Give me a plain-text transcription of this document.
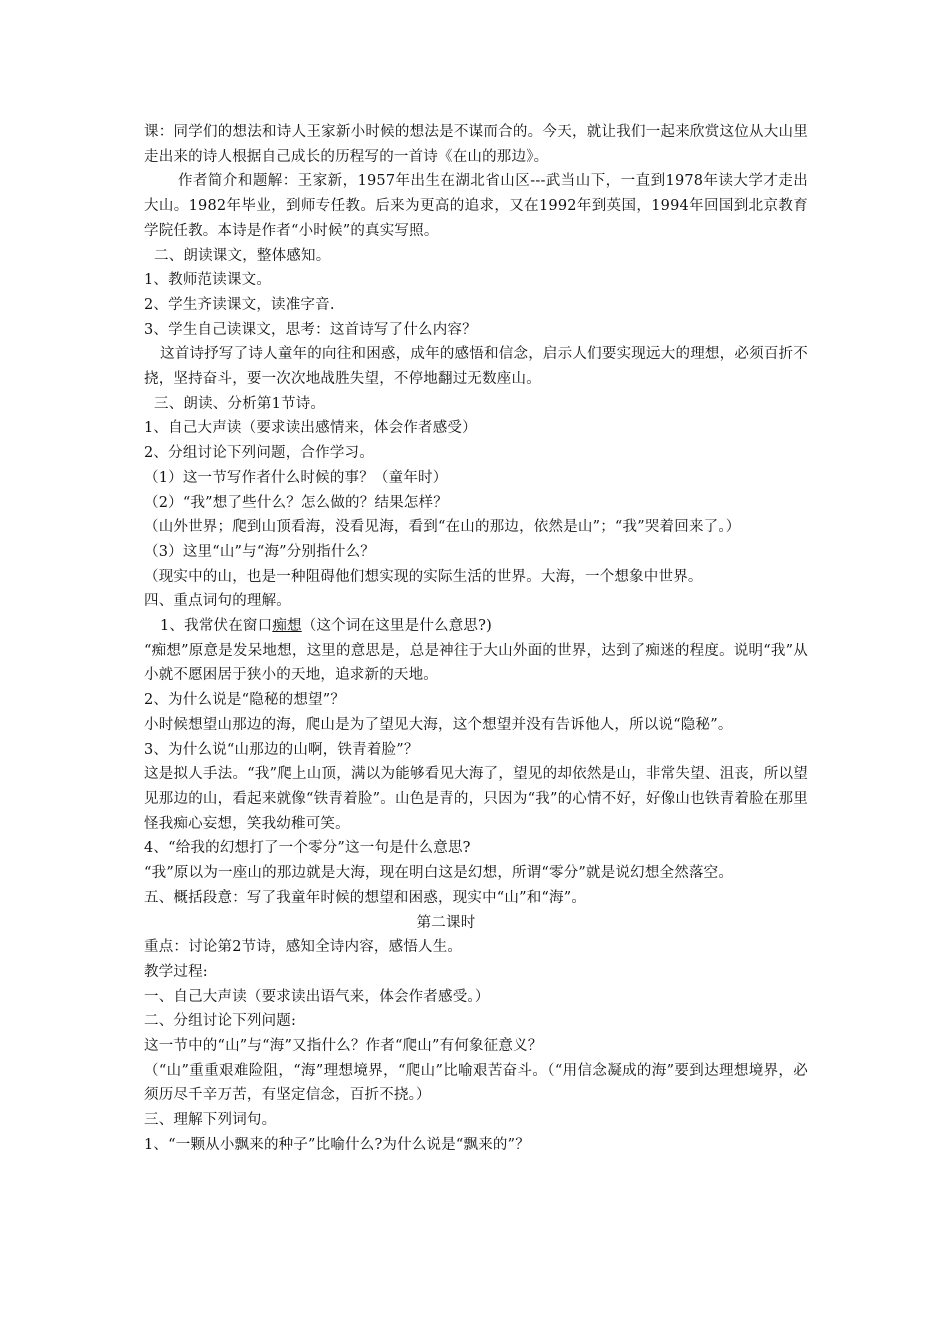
课：同学们的想法和诗人王家新小时候的想法是不谋而合的。今天，就让我们一起来欣赏这位从大山里走出来的诗人根据自己成长的历程写的一首诗《在山的那边》。

作者简介和题解：王家新，1957年出生在湖北省山区---武当山下，一直到1978年读大学才走出大山。1982年毕业，到师专任教。后来为更高的追求，又在1992年到英国，1994年回国到北京教育学院任教。本诗是作者“小时候”的真实写照。

二、朗读课文，整体感知。

1、教师范读课文。

2、学生齐读课文，读准字音.

3、学生自己读课文，思考：这首诗写了什么内容？

这首诗抒写了诗人童年的向往和困惑，成年的感悟和信念，启示人们要实现远大的理想，必须百折不挠，坚持奋斗，要一次次地战胜失望，不停地翻过无数座山。

三、朗读、分析第1节诗。

1、自己大声读（要求读出感情来，体会作者感受）

2、分组讨论下列问题，合作学习。

（1）这一节写作者什么时候的事？（童年时）

（2）“我”想了些什么？怎么做的？结果怎样？

（山外世界；爬到山顶看海，没看见海，看到“在山的那边，依然是山”；“我”哭着回来了。）

（3）这里“山”与“海”分别指什么？

（现实中的山，也是一种阻碍他们想实现的实际生活的世界。大海，一个想象中世界。

四、重点词句的理解。

1、我常伏在窗口痴想（这个词在这里是什么意思?)

“痴想”原意是发呆地想，这里的意思是，总是神往于大山外面的世界，达到了痴迷的程度。说明“我”从小就不愿困居于狭小的天地，追求新的天地。

2、为什么说是“隐秘的想望”？

小时候想望山那边的海，爬山是为了望见大海，这个想望并没有告诉他人，所以说“隐秘”。

3、为什么说“山那边的山啊，铁青着脸”？

这是拟人手法。“我”爬上山顶，满以为能够看见大海了，望见的却依然是山，非常失望、沮丧，所以望见那边的山，看起来就像“铁青着脸”。山色是青的，只因为“我”的心情不好，好像山也铁青着脸在那里怪我痴心妄想，笑我幼稚可笑。

4、“给我的幻想打了一个零分”这一句是什么意思?

“我”原以为一座山的那边就是大海，现在明白这是幻想，所谓“零分”就是说幻想全然落空。

五、概括段意：写了我童年时候的想望和困惑，现实中“山”和“海”。

第二课时

重点：讨论第2节诗，感知全诗内容，感悟人生。

教学过程:

一、自己大声读（要求读出语气来，体会作者感受。）

二、分组讨论下列问题:

这一节中的“山”与“海”又指什么？作者“爬山”有何象征意义？

（“山”重重艰难险阻，“海”理想境界，“爬山”比喻艰苦奋斗。（“用信念凝成的海”要到达理想境界，必须历尽千辛万苦，有坚定信念，百折不挠。）

三、理解下列词句。

1、“一颗从小飘来的种子”比喻什么?为什么说是“飘来的”？
